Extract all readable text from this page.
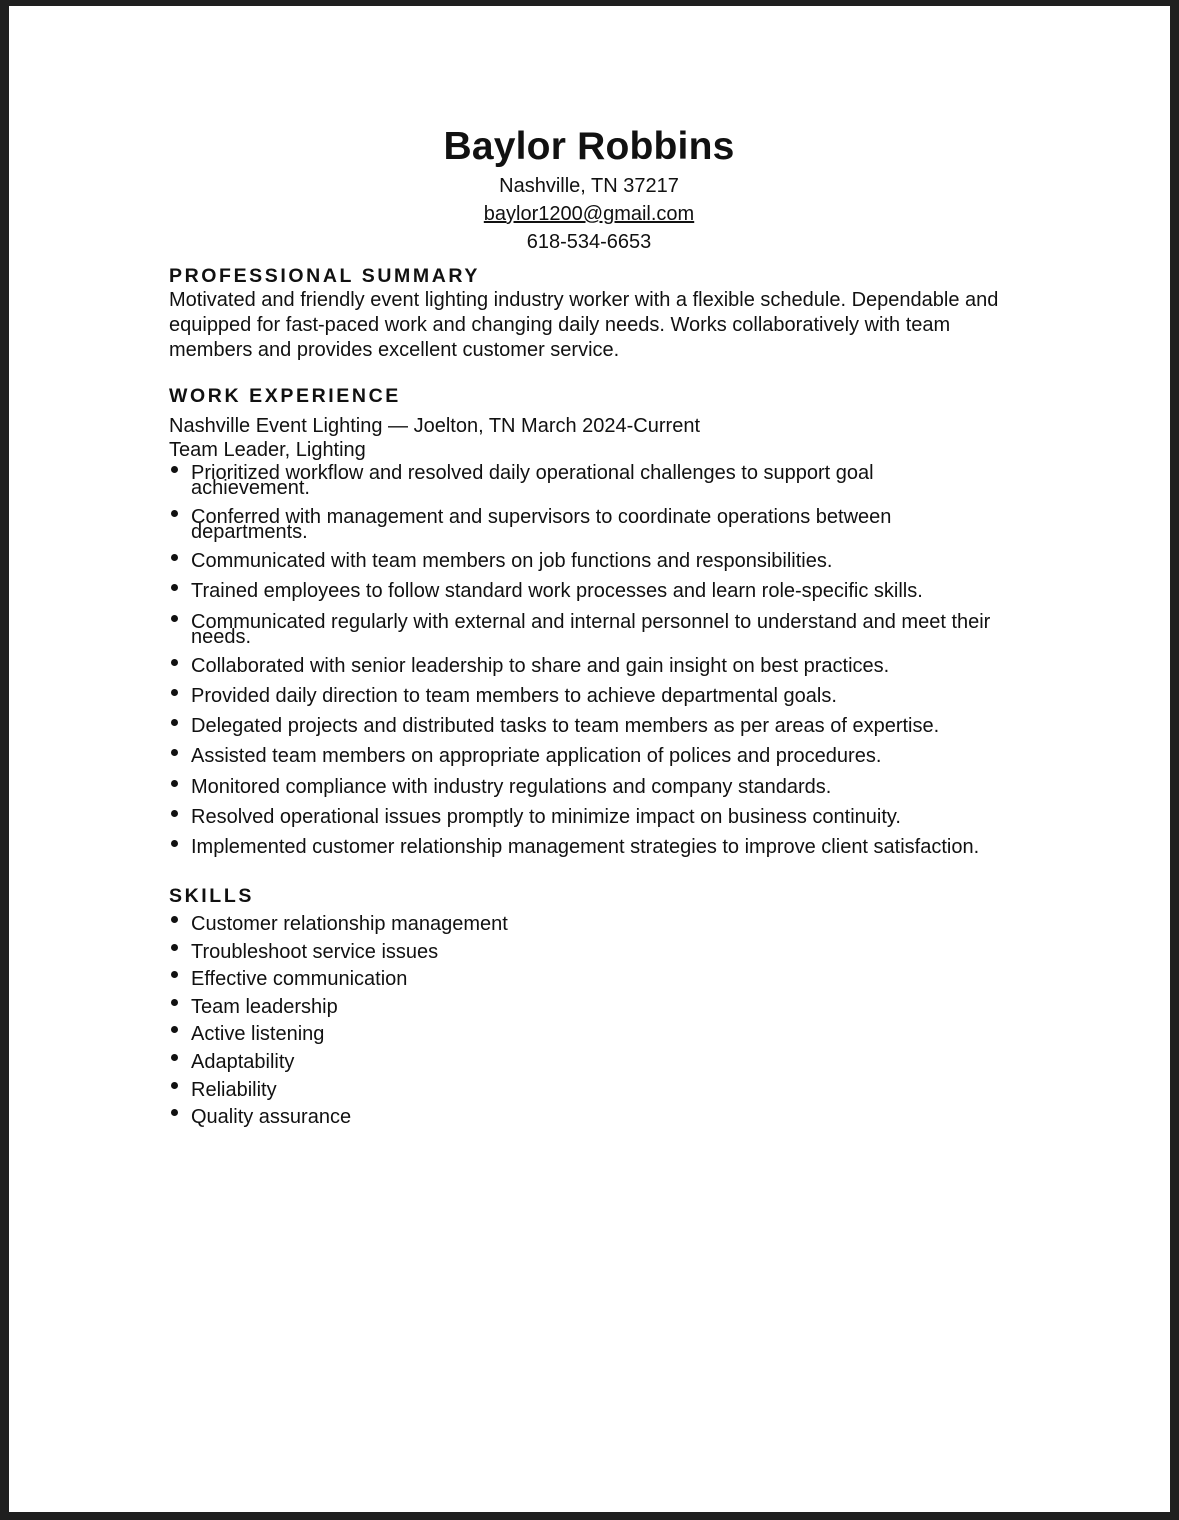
Baylor Robbins
Nashville, TN 37217
baylor1200@gmail.com
618-534-6653
PROFESSIONAL SUMMARY
Motivated and friendly event lighting industry worker with a flexible schedule. Dependable and equipped for fast-paced work and changing daily needs. Works collaboratively with team members and provides excellent customer service.
WORK EXPERIENCE
Nashville Event Lighting — Joelton, TN March 2024-Current
Team Leader, Lighting
Prioritized workflow and resolved daily operational challenges to support goal achievement.
Conferred with management and supervisors to coordinate operations between departments.
Communicated with team members on job functions and responsibilities.
Trained employees to follow standard work processes and learn role-specific skills.
Communicated regularly with external and internal personnel to understand and meet their needs.
Collaborated with senior leadership to share and gain insight on best practices.
Provided daily direction to team members to achieve departmental goals.
Delegated projects and distributed tasks to team members as per areas of expertise.
Assisted team members on appropriate application of polices and procedures.
Monitored compliance with industry regulations and company standards.
Resolved operational issues promptly to minimize impact on business continuity.
Implemented customer relationship management strategies to improve client satisfaction.
SKILLS
Customer relationship management
Troubleshoot service issues
Effective communication
Team leadership
Active listening
Adaptability
Reliability
Quality assurance
